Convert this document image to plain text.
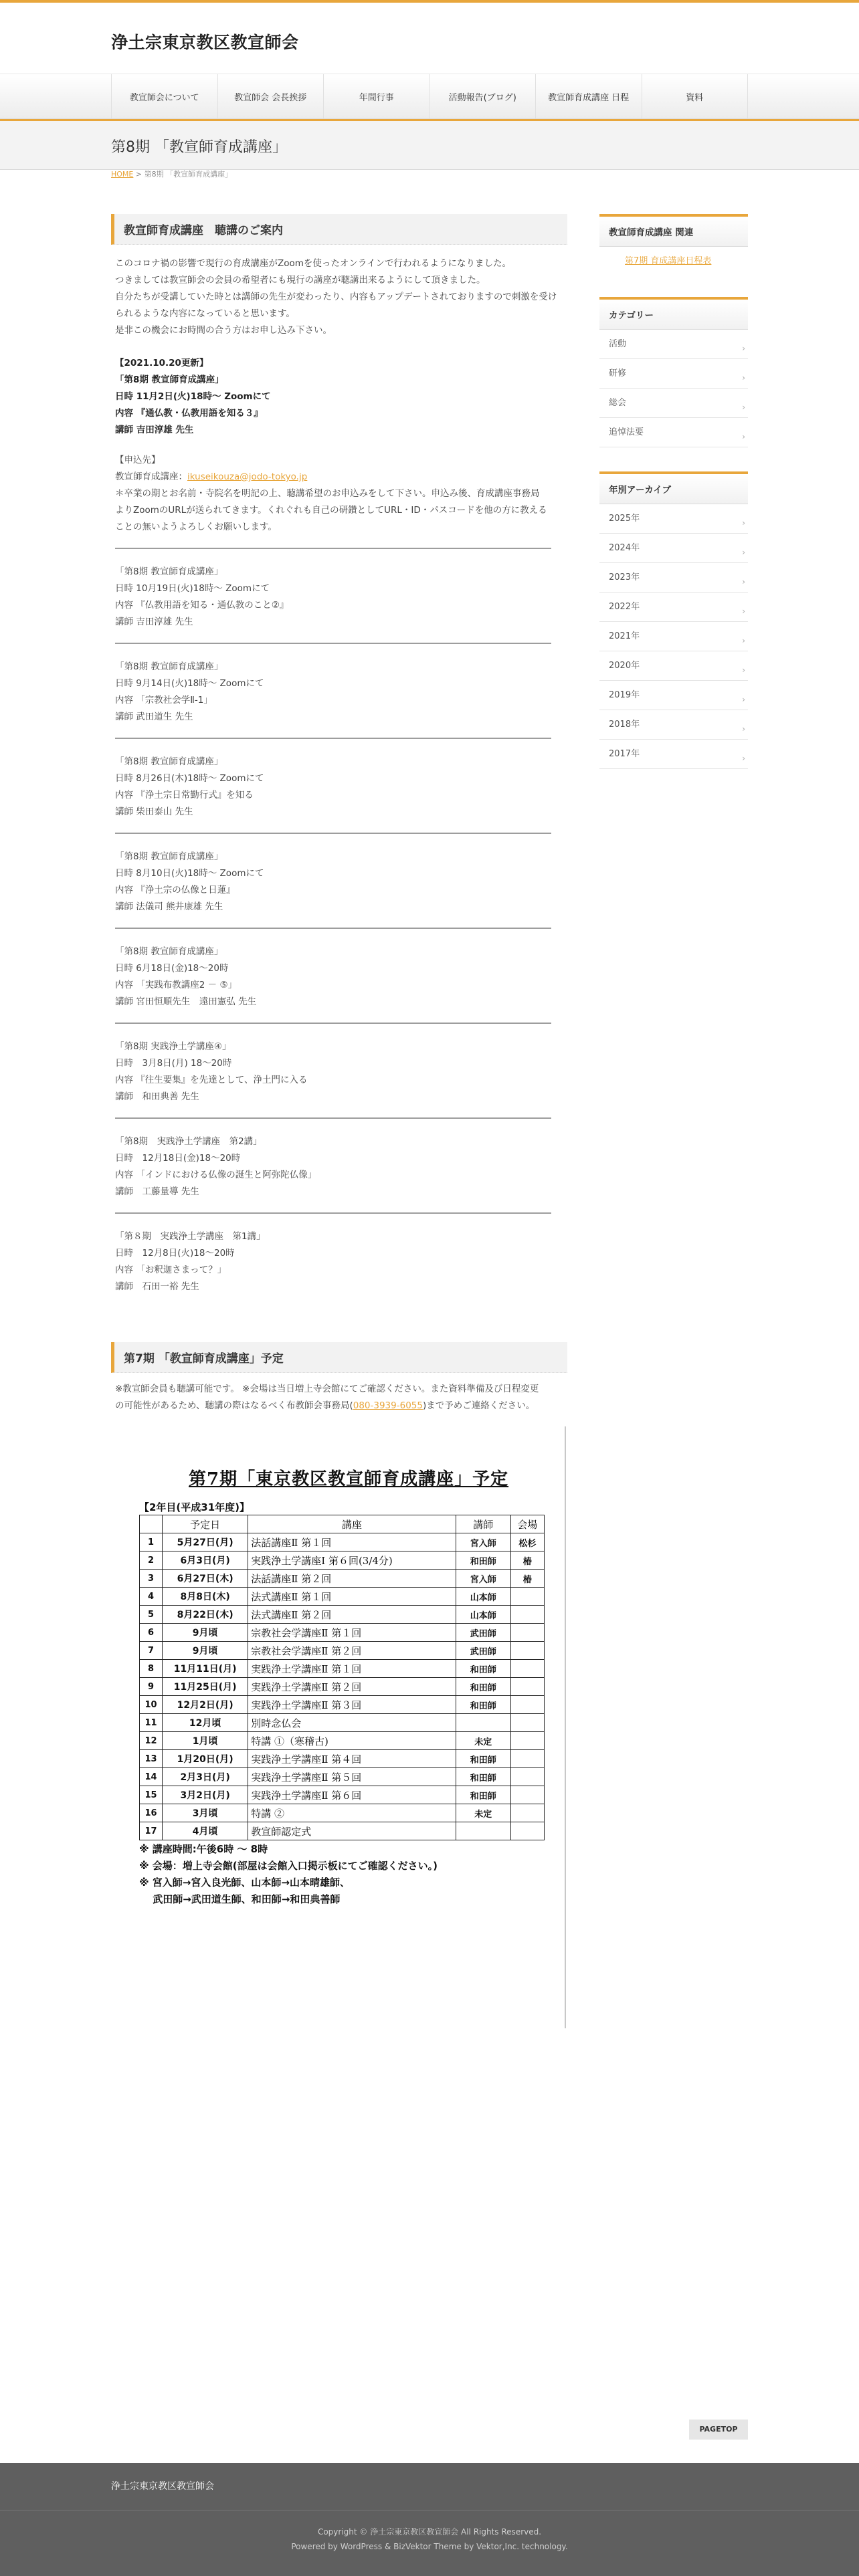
浄土宗東京教区教宣師会
教宣師会について	教宣師会 会長挨拶	年間行事	活動報告(ブログ)	教宣師育成講座 日程	資料
第8期 「教宣師育成講座」
HOME > 第8期 「教宣師育成講座」
教宣師育成講座　聴講のご案内
このコロナ禍の影響で現行の育成講座がZoomを使ったオンラインで行われるようになりました。
つきましては教宣師会の会員の希望者にも現行の講座が聴講出来るようにして頂きました。
自分たちが受講していた時とは講師の先生が変わったり、内容もアップデートされておりますので刺激を受け
られるような内容になっていると思います。
是非この機会にお時間の合う方はお申し込み下さい。
【2021.10.20更新】
「第8期 教宣師育成講座」
日時 11月2日(火)18時～ Zoomにて
内容 『通仏教・仏教用語を知る３』
講師 吉田淳雄 先生
【申込先】
教宣師育成講座：ikuseikouza@jodo-tokyo.jp
＊卒業の期とお名前・寺院名を明記の上、聴講希望のお申込みをして下さい。申込み後、育成講座事務局
よりZoomのURLが送られてきます。くれぐれも自己の研鑽としてURL・ID・パスコードを他の方に教える
ことの無いようよろしくお願いします。
「第8期 教宣師育成講座」
日時 10月19日(火)18時～ Zoomにて
内容 『仏教用語を知る・通仏教のこと②』
講師 吉田淳雄 先生
「第8期 教宣師育成講座」
日時 9月14日(火)18時～ Zoomにて
内容 「宗教社会学Ⅱ-1」
講師 武田道生 先生
「第8期 教宣師育成講座」
日時 8月26日(木)18時～ Zoomにて
内容 『浄土宗日常勤行式』を知る
講師 柴田泰山 先生
「第8期 教宣師育成講座」
日時 8月10日(火)18時～ Zoomにて
内容 『浄土宗の仏像と日蓮』
講師 法儀司 熊井康雄 先生
「第8期 教宣師育成講座」
日時 6月18日(金)18～20時
内容 「実践布教講座2 － ⑤」
講師 宮田恒順先生　遠田憲弘 先生
「第8期 実践浄土学講座④」
日時　3月8日(月) 18～20時
内容 『往生要集』を先達として、浄土門に入る
講師　和田典善 先生
「第8期　実践浄土学講座　第2講」
日時　12月18日(金)18～20時
内容 「インドにおける仏像の誕生と阿弥陀仏像」
講師　工藤量導 先生
「第８期　実践浄土学講座　第1講」
日時　12月8日(火)18～20時
内容 「お釈迦さまって？」
講師　石田一裕 先生
第7期 「教宣師育成講座」予定
※教宣師会員も聴講可能です。 ※会場は当日増上寺会館にてご確認ください。また資料準備及び日程変更
の可能性があるため、聴講の際はなるべく布教師会事務局(080-3939-6055)まで予めご連絡ください。
第7期「東京教区教宣師育成講座」予定
【2年目(平成31年度)】
	予定日	講座	講師	会場
1	5月27日(月)	法話講座Ⅱ 第１回	宮入師	松杉
2	6月3日(月)	実践浄土学講座Ⅰ 第６回(3/4分)	和田師	椿
3	6月27日(木)	法話講座Ⅱ 第２回	宮入師	椿
4	8月8日(木)	法式講座Ⅱ 第１回	山本師	
5	8月22日(木)	法式講座Ⅱ 第２回	山本師	
6	9月頃	宗教社会学講座Ⅱ 第１回	武田師	
7	9月頃	宗教社会学講座Ⅱ 第２回	武田師	
8	11月11日(月)	実践浄土学講座Ⅱ 第１回	和田師	
9	11月25日(月)	実践浄土学講座Ⅱ 第２回	和田師	
10	12月2日(月)	実践浄土学講座Ⅱ 第３回	和田師	
11	12月頃	別時念仏会		
12	1月頃	特講 ①（寒稽古)	未定	
13	1月20日(月)	実践浄土学講座Ⅱ 第４回	和田師	
14	2月3日(月)	実践浄土学講座Ⅱ 第５回	和田師	
15	3月2日(月)	実践浄土学講座Ⅱ 第６回	和田師	
16	3月頃	特講 ②	未定	
17	4月頃	教宣師認定式		
※ 講座時間:午後6時 ～ 8時
※ 会場：増上寺会館(部屋は会館入口掲示板にてご確認ください。)
※ 宮入師→宮入良光師、山本師→山本晴雄師、
　 武田師→武田道生師、和田師→和田典善師
教宣師育成講座 関連
第7期 育成講座日程表
カテゴリー
活動 ›
研修 ›
総会 ›
追悼法要 ›
年別アーカイブ
2025年 ›
2024年 ›
2023年 ›
2022年 ›
2021年 ›
2020年 ›
2019年 ›
2018年 ›
2017年 ›
PAGETOP
浄土宗東京教区教宣師会
Copyright © 浄土宗東京教区教宣師会 All Rights Reserved.
Powered by WordPress & BizVektor Theme by Vektor,Inc. technology.
